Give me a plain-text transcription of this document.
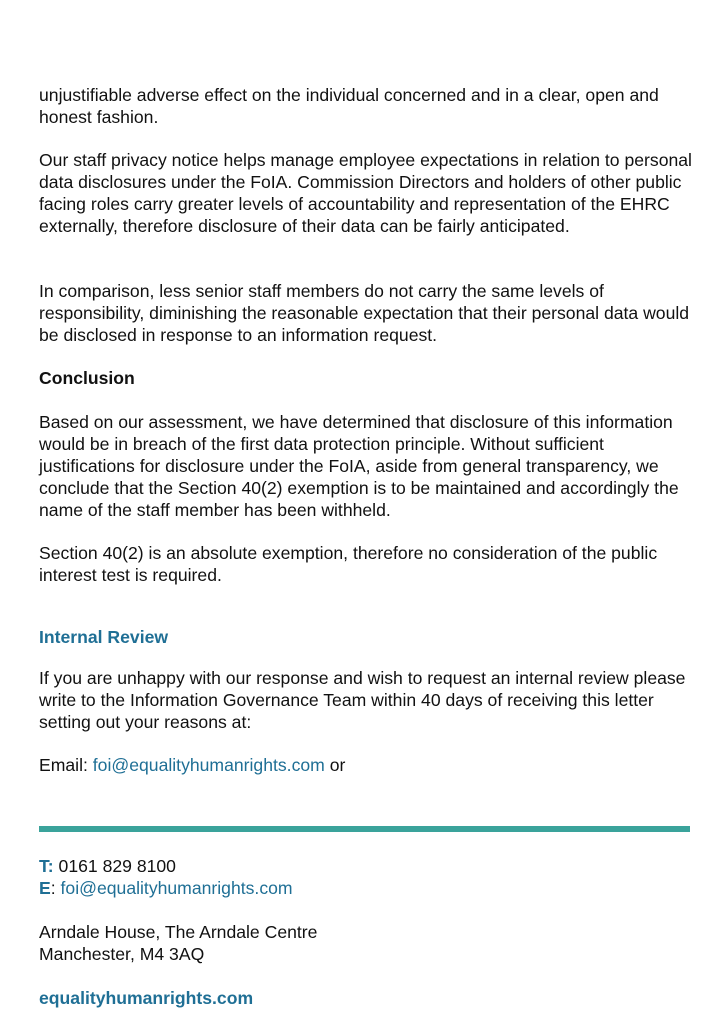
unjustifiable adverse effect on the individual concerned and in a clear, open and honest fashion.

Our staff privacy notice helps manage employee expectations in relation to personal data disclosures under the FoIA. Commission Directors and holders of other public facing roles carry greater levels of accountability and representation of the EHRC externally, therefore disclosure of their data can be fairly anticipated.

In comparison, less senior staff members do not carry the same levels of responsibility, diminishing the reasonable expectation that their personal data would be disclosed in response to an information request.

Conclusion

Based on our assessment, we have determined that disclosure of this information would be in breach of the first data protection principle. Without sufficient justifications for disclosure under the FoIA, aside from general transparency, we conclude that the Section 40(2) exemption is to be maintained and accordingly the name of the staff member has been withheld.

Section 40(2) is an absolute exemption, therefore no consideration of the public interest test is required.

Internal Review

If you are unhappy with our response and wish to request an internal review please write to the Information Governance Team within 40 days of receiving this letter setting out your reasons at:

Email: foi@equalityhumanrights.com or

T: 0161 829 8100

E: foi@equalityhumanrights.com

Arndale House, The Arndale Centre

Manchester, M4 3AQ

equalityhumanrights.com
